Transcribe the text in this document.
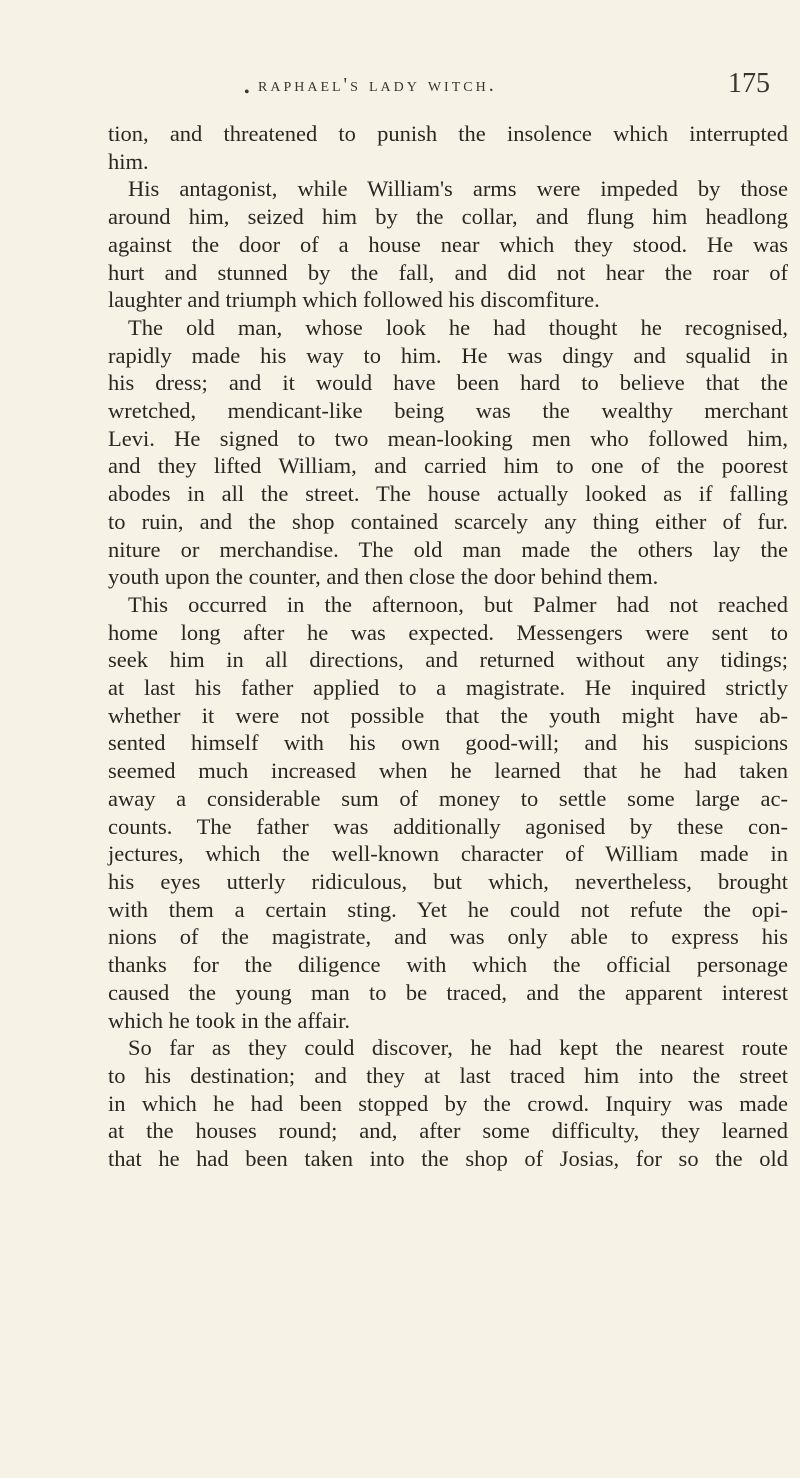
• raphael's lady witch.	175
tion, and threatened to punish the insolence which interrupted
him.
His antagonist, while William's arms were impeded by those
around him, seized him by the collar, and flung him headlong
against the door of a house near which they stood. He was
hurt and stunned by the fall, and did not hear the roar of
laughter and triumph which followed his discomfiture.
The old man, whose look he had thought he recognised,
rapidly made his way to him. He was dingy and squalid in
his dress; and it would have been hard to believe that the
wretched, mendicant-like being was the wealthy merchant
Levi. He signed to two mean-looking men who followed him,
and they lifted William, and carried him to one of the poorest
abodes in all the street. The house actually looked as if falling
to ruin, and the shop contained scarcely any thing either of fur.
niture or merchandise. The old man made the others lay the
youth upon the counter, and then close the door behind them.
This occurred in the afternoon, but Palmer had not reached
home long after he was expected. Messengers were sent to
seek him in all directions, and returned without any tidings;
at last his father applied to a magistrate. He inquired strictly
whether it were not possible that the youth might have ab-
sented himself with his own good-will; and his suspicions
seemed much increased when he learned that he had taken
away a considerable sum of money to settle some large ac-
counts. The father was additionally agonised by these con-
jectures, which the well-known character of William made in
his eyes utterly ridiculous, but which, nevertheless, brought
with them a certain sting. Yet he could not refute the opi-
nions of the magistrate, and was only able to express his
thanks for the diligence with which the official personage
caused the young man to be traced, and the apparent interest
which he took in the affair.
So far as they could discover, he had kept the nearest route
to his destination; and they at last traced him into the street
in which he had been stopped by the crowd. Inquiry was made
at the houses round; and, after some difficulty, they learned
that he had been taken into the shop of Josias, for so the old
